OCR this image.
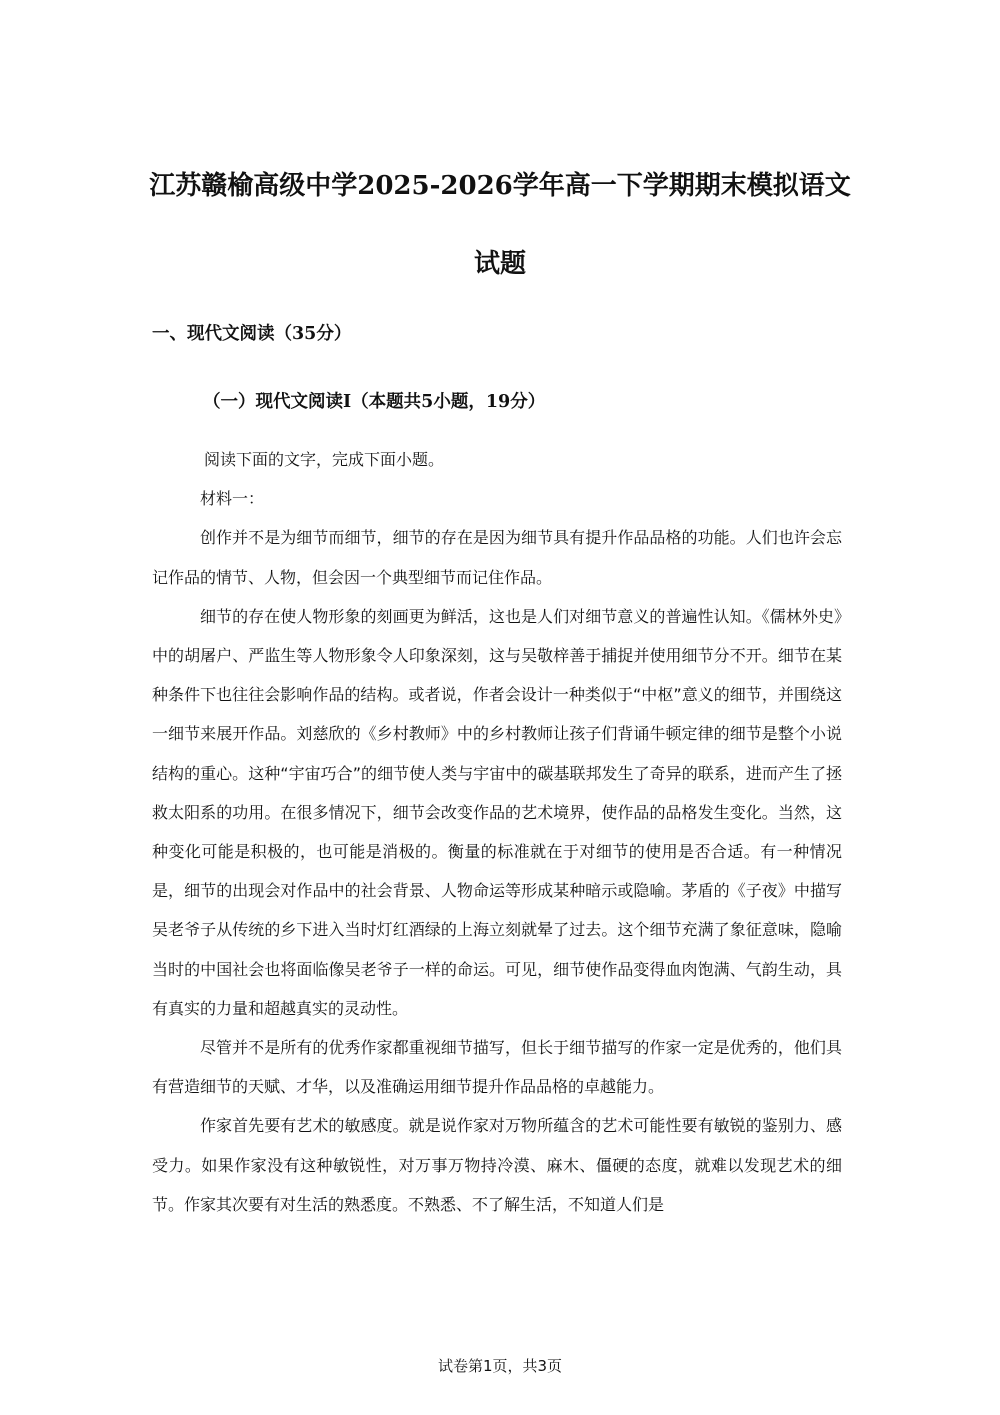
江苏赣榆高级中学2025-2026学年高一下学期期末模拟语文
试题
一、现代文阅读（35分）
（一）现代文阅读Ⅰ（本题共5小题，19分）

阅读下面的文字，完成下面小题。

材料一：

创作并不是为细节而细节，细节的存在是因为细节具有提升作品品格的功能。人们也许会忘记作品的情节、人物，但会因一个典型细节而记住作品。

细节的存在使人物形象的刻画更为鲜活，这也是人们对细节意义的普遍性认知。《儒林外史》中的胡屠户、严监生等人物形象令人印象深刻，这与吴敬梓善于捕捉并使用细节分不开。细节在某种条件下也往往会影响作品的结构。或者说，作者会设计一种类似于“中枢”意义的细节，并围绕这一细节来展开作品。刘慈欣的《乡村教师》中的乡村教师让孩子们背诵牛顿定律的细节是整个小说结构的重心。这种“宇宙巧合”的细节使人类与宇宙中的碳基联邦发生了奇异的联系，进而产生了拯救太阳系的功用。在很多情况下，细节会改变作品的艺术境界，使作品的品格发生变化。当然，这种变化可能是积极的，也可能是消极的。衡量的标准就在于对细节的使用是否合适。有一种情况是，细节的出现会对作品中的社会背景、人物命运等形成某种暗示或隐喻。茅盾的《子夜》中描写吴老爷子从传统的乡下进入当时灯红酒绿的上海立刻就晕了过去。这个细节充满了象征意味，隐喻当时的中国社会也将面临像吴老爷子一样的命运。可见，细节使作品变得血肉饱满、气韵生动，具有真实的力量和超越真实的灵动性。

尽管并不是所有的优秀作家都重视细节描写，但长于细节描写的作家一定是优秀的，他们具有营造细节的天赋、才华，以及准确运用细节提升作品品格的卓越能力。

作家首先要有艺术的敏感度。就是说作家对万物所蕴含的艺术可能性要有敏锐的鉴别力、感受力。如果作家没有这种敏锐性，对万事万物持冷漠、麻木、僵硬的态度，就难以发现艺术的细节。作家其次要有对生活的熟悉度。不熟悉、不了解生活，不知道人们是

试卷第1页，共3页
